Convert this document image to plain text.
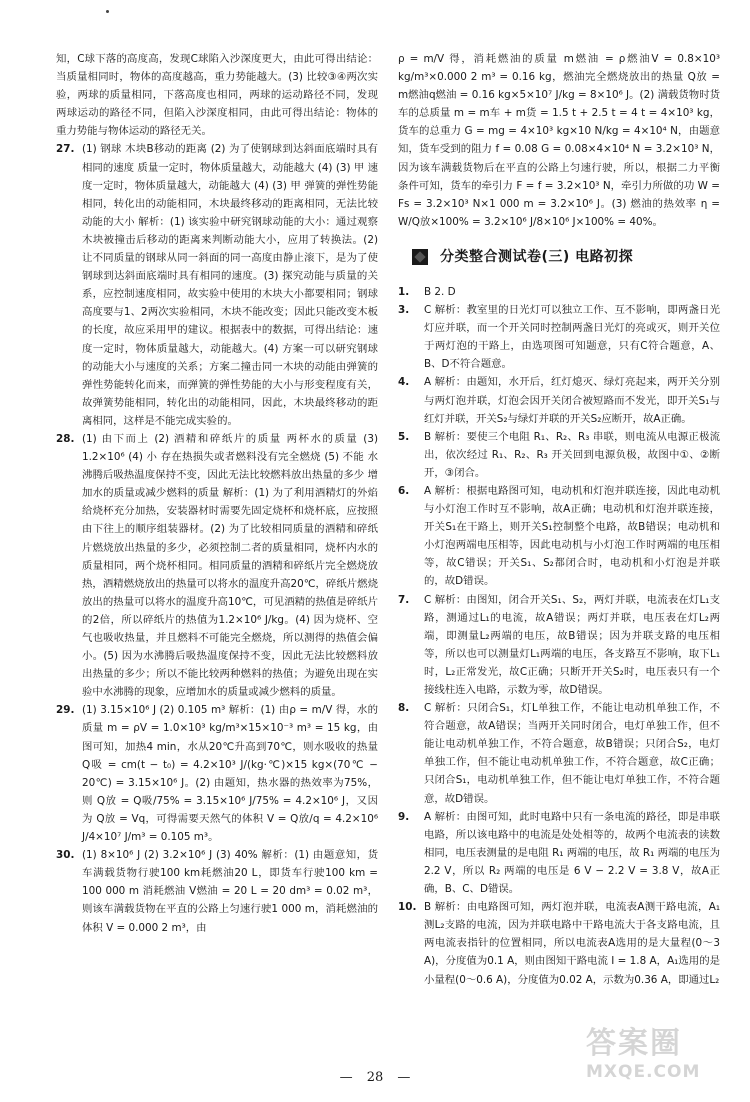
知，C球下落的高度高，发现C球陷入沙深度更大，由此可得出结论：当质量相同时，物体的高度越高，重力势能越大。(3) 比较③④两次实验，两球的质量相同，下落高度也相同，两球的运动路径不同，发现两球运动的路径不同，但陷入沙深度相同，由此可得出结论：物体的重力势能与物体运动的路径无关。

27. (1) 钢球 木块B移动的距离 (2) 为了使钢球到达斜面底端时具有相同的速度 质量一定时，物体质量越大，动能越大 (4) (3) 甲 速度一定时，物体质量越大，动能越大 (4) (3) 甲 弹簧的弹性势能相同，转化出的动能相同，木块最终移动的距离相同，无法比较动能的大小 解析：(1) 该实验中研究钢球动能的大小：通过观察木块被撞击后移动的距离来判断动能大小，应用了转换法。(2) 让不同质量的钢球从同一斜面的同一高度由静止滚下，是为了使钢球到达斜面底端时具有相同的速度。(3) 探究动能与质量的关系，应控制速度相同，故实验中使用的木块大小都要相同；钢球高度要与1、2两次实验相同，木块不能改变；因此只能改变木板的长度，故应采用甲的建议。根据表中的数据，可得出结论：速度一定时，物体质量越大，动能越大。(4) 方案一可以研究钢球的动能大小与速度的关系；方案二撞击同一木块的动能由弹簧的弹性势能转化而来，而弹簧的弹性势能的大小与形变程度有关，故弹簧势能相同，转化出的动能相同，因此，木块最终移动的距离相同，这样是不能完成实验的。
28. (1) 由下而上 (2) 酒精和碎纸片的质量 两杯水的质量 (3) 1.2×10⁶ (4) 小 存在热损失或者燃料没有完全燃烧 (5) 不能 水沸腾后吸热温度保持不变，因此无法比较燃料放出热量的多少 增加水的质量或减少燃料的质量 解析：(1) 为了利用酒精灯的外焰给烧杯充分加热，安装器材时需要先固定烧杯和烧杯底，应按照由下往上的顺序组装器材。(2) 为了比较相同质量的酒精和碎纸片燃烧放出热量的多少，必须控制二者的质量相同，烧杯内水的质量相同，两个烧杯相同。相同质量的酒精和碎纸片完全燃烧放热，酒精燃烧放出的热量可以将水的温度升高20℃，碎纸片燃烧放出的热量可以将水的温度升高10℃，可见酒精的热值是碎纸片的2倍，所以碎纸片的热值为1.2×10⁶ J/kg。(4) 因为烧杯、空气也吸收热量，并且燃料不可能完全燃烧，所以测得的热值会偏小。(5) 因为水沸腾后吸热温度保持不变，因此无法比较燃料放出热量的多少；所以不能比较两种燃料的热值；为避免出现在实验中水沸腾的现象，应增加水的质量或减少燃料的质量。
29. (1) 3.15×10⁶ J (2) 0.105 m³ 解析：(1) 由ρ = m/V 得，水的质量 m = ρV = 1.0×10³ kg/m³×15×10⁻³ m³ = 15 kg，由图可知，加热4 min，水从20℃升高到70℃，则水吸收的热量 Q吸 = cm(t − t₀) = 4.2×10³ J/(kg·℃)×15 kg×(70℃ − 20℃) = 3.15×10⁶ J。(2) 由题知，热水器的热效率为75%，则 Q放 = Q吸/75% = 3.15×10⁶ J/75% = 4.2×10⁶ J，又因为 Q放 = Vq，可得需要天然气的体积 V = Q放/q = 4.2×10⁶ J/4×10⁷ J/m³ = 0.105 m³。
30. (1) 8×10⁶ J (2) 3.2×10⁶ J (3) 40% 解析：(1) 由题意知，货车满载货物行驶100 km耗燃油20 L，即货车行驶100 km = 100 000 m 消耗燃油 V燃油 = 20 L = 20 dm³ = 0.02 m³，则该车满载货物在平直的公路上匀速行驶1 000 m，消耗燃油的体积 V = 0.000 2 m³，由

ρ = m/V 得，消耗燃油的质量 m燃油 = ρ燃油V = 0.8×10³ kg/m³×0.000 2 m³ = 0.16 kg，燃油完全燃烧放出的热量 Q放 = m燃油q燃油 = 0.16 kg×5×10⁷ J/kg = 8×10⁶ J。(2) 满载货物时货车的总质量 m = m车 + m货 = 1.5 t + 2.5 t = 4 t = 4×10³ kg，货车的总重力 G = mg = 4×10³ kg×10 N/kg = 4×10⁴ N，由题意知，货车受到的阻力 f = 0.08 G = 0.08×4×10⁴ N = 3.2×10³ N，因为该车满载货物后在平直的公路上匀速行驶，所以，根据二力平衡条件可知，货车的牵引力 F = f = 3.2×10³ N，牵引力所做的功 W = Fs = 3.2×10³ N×1 000 m = 3.2×10⁶ J。(3) 燃油的热效率 η = W/Q放×100% = 3.2×10⁶ J/8×10⁶ J×100% = 40%。

分类整合测试卷(三) 电路初探
1. B 2. D
3. C 解析：教室里的日光灯可以独立工作、互不影响，即两盏日光灯应并联，而一个开关同时控制两盏日光灯的亮或灭，则开关位于两灯泡的干路上，由选项图可知题意，只有C符合题意，A、B、D不符合题意。
4. A 解析：由题知，水开后，红灯熄灭、绿灯亮起来，两开关分别与两灯泡并联，灯泡会因开关闭合被短路而不发光，即开关S₁与红灯并联，开关S₂与绿灯并联的开关S₂应断开，故A正确。
5. B 解析：要使三个电阻 R₁、R₂、R₃ 串联，则电流从电源正极流出，依次经过 R₁、R₂、R₃ 开关回到电源负极，故图中①、②断开，③闭合。
6. A 解析：根据电路图可知，电动机和灯泡并联连接，因此电动机与小灯泡工作时互不影响，故A正确；电动机和灯泡并联连接，开关S₁在干路上，则开关S₁控制整个电路，故B错误；电动机和小灯泡两端电压相等，因此电动机与小灯泡工作时两端的电压相等，故C错误；开关S₁、S₂都闭合时，电动机和小灯泡是并联的，故D错误。
7. C 解析：由图知，闭合开关S₁、S₂，两灯并联，电流表在灯L₁支路，测通过L₁的电流，故A错误；两灯并联，电压表在灯L₂两端，即测量L₂两端的电压，故B错误；因为并联支路的电压相等，所以也可以测量灯L₁两端的电压，各支路互不影响，取下L₁时，L₂正常发光，故C正确；只断开开关S₂时，电压表只有一个接线柱连入电路，示数为零，故D错误。
8. C 解析：只闭合S₁，灯L单独工作，不能让电动机单独工作，不符合题意，故A错误；当两开关同时闭合，电灯单独工作，但不能让电动机单独工作，不符合题意，故B错误；只闭合S₂，电灯单独工作，但不能让电动机单独工作，不符合题意，故C正确；只闭合S₁，电动机单独工作，但不能让电灯单独工作，不符合题意，故D错误。
9. A 解析：由图可知，此时电路中只有一条电流的路径，即是串联电路，所以该电路中的电流是处处相等的，故两个电流表的读数相同，电压表测量的是电阻 R₁ 两端的电压，故 R₁ 两端的电压为 2.2 V，所以 R₂ 两端的电压是 6 V − 2.2 V = 3.8 V，故A正确，B、C、D错误。
10. B 解析：由电路图可知，两灯泡并联，电流表A测干路电流，A₁测L₂支路的电流，因为并联电路中干路电流大于各支路电流，且两电流表指针的位置相同，所以电流表A选用的是大量程(0～3 A)，分度值为0.1 A，则由图知干路电流 I = 1.8 A，A₁选用的是小量程(0～0.6 A)，分度值为0.02 A，示数为0.36 A，即通过L₂
— 28 —
答案圈
MXQE.COM
